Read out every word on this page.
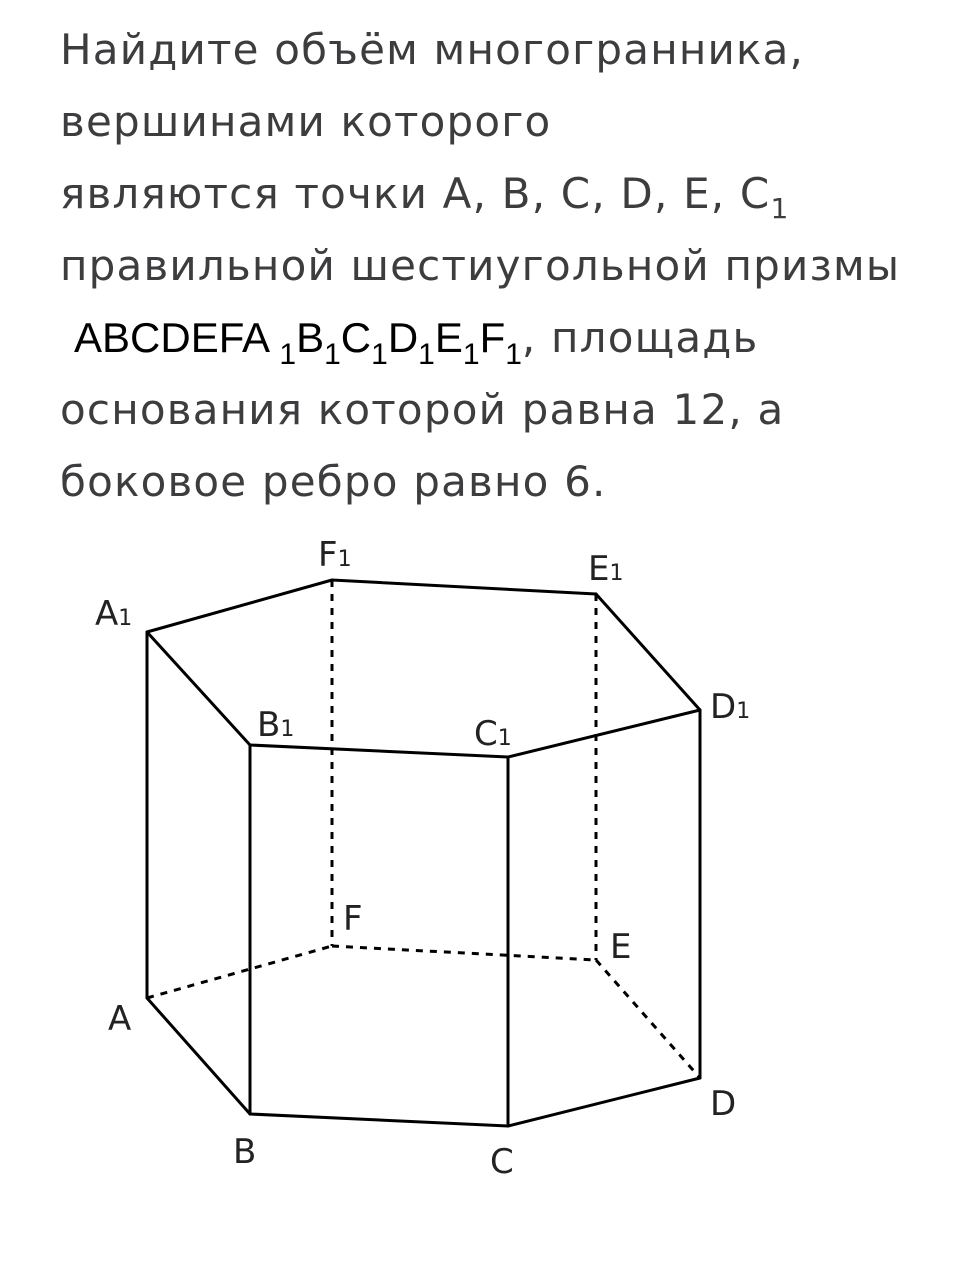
Найдите объём многогранника,
вершинами которого
являются точки A, B, C, D, E, $C_1$
правильной шестиугольной призмы
ABCDEFA $_1B_1C_1D_1E_1F_1$, площадь
основания которой равна 12, а
боковое ребро равно 6.
A1
F1	E1
D1
B1	C1
F
E
A
D
B	C
